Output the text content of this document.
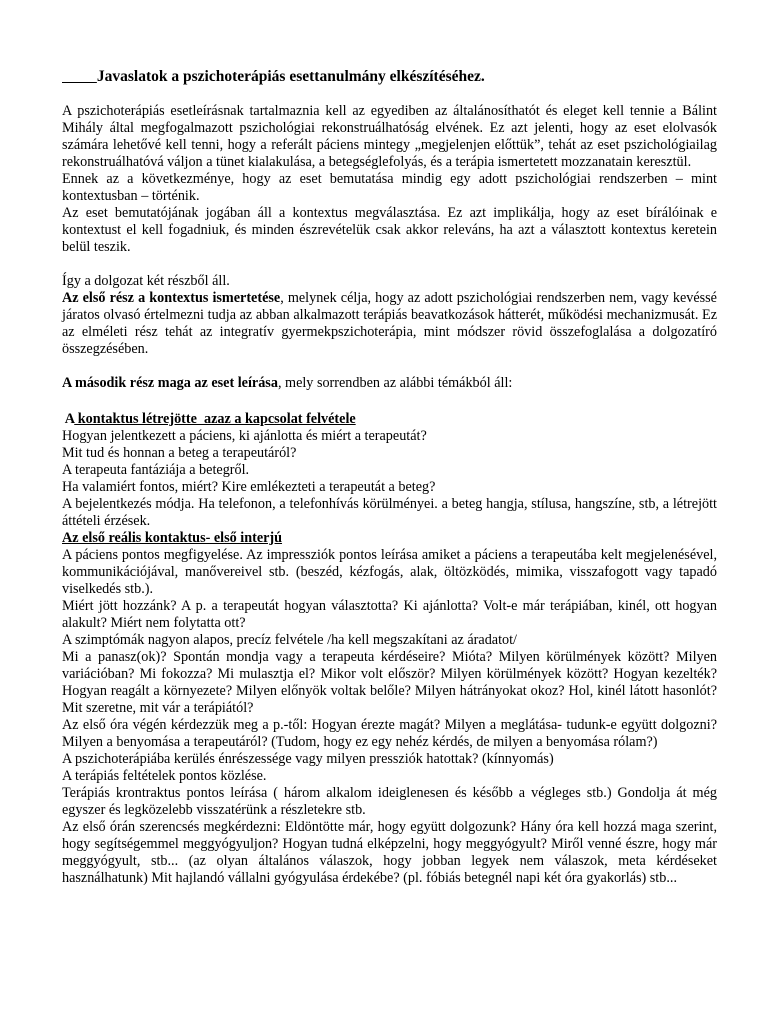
Javaslatok a pszichoterápiás esettanulmány elkészítéséhez.

A pszichoterápiás esetleírásnak tartalmaznia kell az egyediben az általánosíthatót és eleget kell tennie a Bálint Mihály által megfogalmazott pszichológiai rekonstruálhatóság elvének. Ez azt jelenti, hogy az eset elolvasók számára lehetővé kell tenni, hogy a referált páciens mintegy „megjelenjen előttük”, tehát az eset pszichológiailag rekonstruálhatóvá váljon a tünet kialakulása, a betegséglefolyás, és a terápia ismertetett mozzanatain keresztül.

Ennek az a következménye, hogy az eset bemutatása mindig egy adott pszichológiai rendszerben – mint kontextusban – történik.

Az eset bemutatójának jogában áll a kontextus megválasztása. Ez azt implikálja, hogy az eset bírálóinak e kontextust el kell fogadniuk, és minden észrevételük csak akkor releváns, ha azt a választott kontextus keretein belül teszik.

Így a dolgozat két részből áll.

Az első rész a kontextus ismertetése, melynek célja, hogy az adott pszichológiai rendszerben nem, vagy kevéssé járatos olvasó értelmezni tudja az abban alkalmazott terápiás beavatkozások hátterét, működési mechanizmusát. Ez az elméleti rész tehát az integratív gyermekpszichoterápia, mint módszer rövid összefoglalása a dolgozatíró összegzésében.

A második rész maga az eset leírása, mely sorrendben az alábbi témákból áll:

A kontaktus létrejötte  azaz a kapcsolat felvétele

Hogyan jelentkezett a páciens, ki ajánlotta és miért a terapeutát?

Mit tud és honnan a beteg a terapeutáról?

A terapeuta fantáziája a betegről.

Ha valamiért fontos, miért? Kire emlékezteti a terapeutát a beteg?

A bejelentkezés módja. Ha telefonon, a telefonhívás körülményei. a beteg hangja, stílusa, hangszíne, stb, a létrejött áttételi érzések.

Az első reális kontaktus- első interjú

A páciens pontos megfigyelése. Az impressziók pontos leírása amiket a páciens a terapeutába kelt megjelenésével, kommunikációjával, manővereivel stb. (beszéd, kézfogás, alak, öltözködés, mimika, visszafogott vagy tapadó viselkedés stb.).

Miért jött hozzánk? A p. a terapeutát hogyan választotta? Ki ajánlotta? Volt-e már terápiában, kinél, ott hogyan alakult? Miért nem folytatta ott?

A szimptómák nagyon alapos, precíz felvétele /ha kell megszakítani az áradatot/

Mi a panasz(ok)? Spontán mondja vagy a terapeuta kérdéseire? Mióta? Milyen körülmények között? Milyen variációban? Mi fokozza? Mi mulasztja el? Mikor volt először? Milyen körülmények között? Hogyan kezelték? Hogyan reagált a környezete? Milyen előnyök voltak belőle? Milyen hátrányokat okoz? Hol, kinél látott hasonlót? Mit szeretne, mit vár a terápiától?

Az első óra végén kérdezzük meg a p.-től: Hogyan érezte magát? Milyen a meglátása- tudunk-e együtt dolgozni? Milyen a benyomása a terapeutáról? (Tudom, hogy ez egy nehéz kérdés, de milyen a benyomása rólam?)

A pszichoterápiába kerülés énrészessége vagy milyen presszіók hatottak? (kínnyomás)

A terápiás feltételek pontos közlése.

Terápiás krontraktus pontos leírása ( három alkalom ideiglenesen és később a végleges stb.) Gondolja át még egyszer és legközelebb visszatérünk a részletekre stb.

Az első órán szerencsés megkérdezni: Eldöntötte már, hogy együtt dolgozunk? Hány óra kell hozzá maga szerint, hogy segítségemmel meggyógyuljon? Hogyan tudná elképzelni, hogy meggyógyult? Miről venné észre, hogy már meggyógyult, stb... (az olyan általános válaszok, hogy jobban legyek nem válaszok, meta kérdéseket használhatunk) Mit hajlandó vállalni gyógyulása érdekébe? (pl. fóbiás betegnél napi két óra gyakorlás) stb...
